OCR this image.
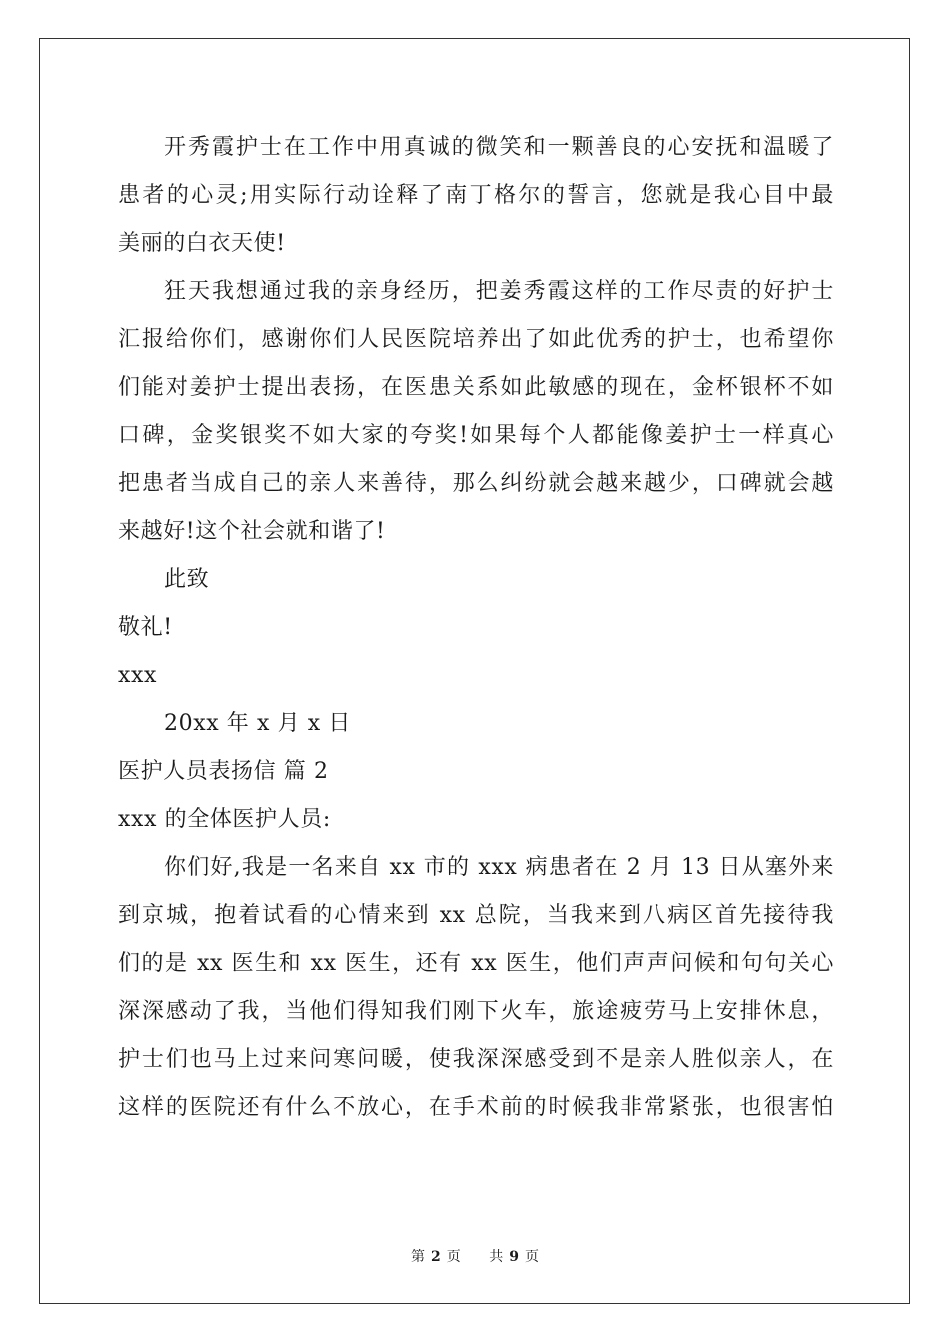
开秀霞护士在工作中用真诚的微笑和一颗善良的心安抚和温暖了
患者的心灵;用实际行动诠释了南丁格尔的誓言，您就是我心目中最
美丽的白衣天使!
狂天我想通过我的亲身经历，把姜秀霞这样的工作尽责的好护士
汇报给你们，感谢你们人民医院培养出了如此优秀的护士，也希望你
们能对姜护士提出表扬，在医患关系如此敏感的现在，金杯银杯不如
口碑，金奖银奖不如大家的夸奖!如果每个人都能像姜护士一样真心
把患者当成自己的亲人来善待，那么纠纷就会越来越少，口碑就会越
来越好!这个社会就和谐了!
此致
敬礼!
xxx
20xx 年 x 月 x 日
医护人员表扬信 篇 2
xxx 的全体医护人员:
你们好,我是一名来自 xx 市的 xxx 病患者在 2 月 13 日从塞外来
到京城，抱着试看的心情来到 xx 总院，当我来到八病区首先接待我
们的是 xx 医生和 xx 医生，还有 xx 医生，他们声声问候和句句关心
深深感动了我，当他们得知我们刚下火车，旅途疲劳马上安排休息，
护士们也马上过来问寒问暖，使我深深感受到不是亲人胜似亲人，在
这样的医院还有什么不放心，在手术前的时候我非常紧张，也很害怕
第 2 页 共 9 页
